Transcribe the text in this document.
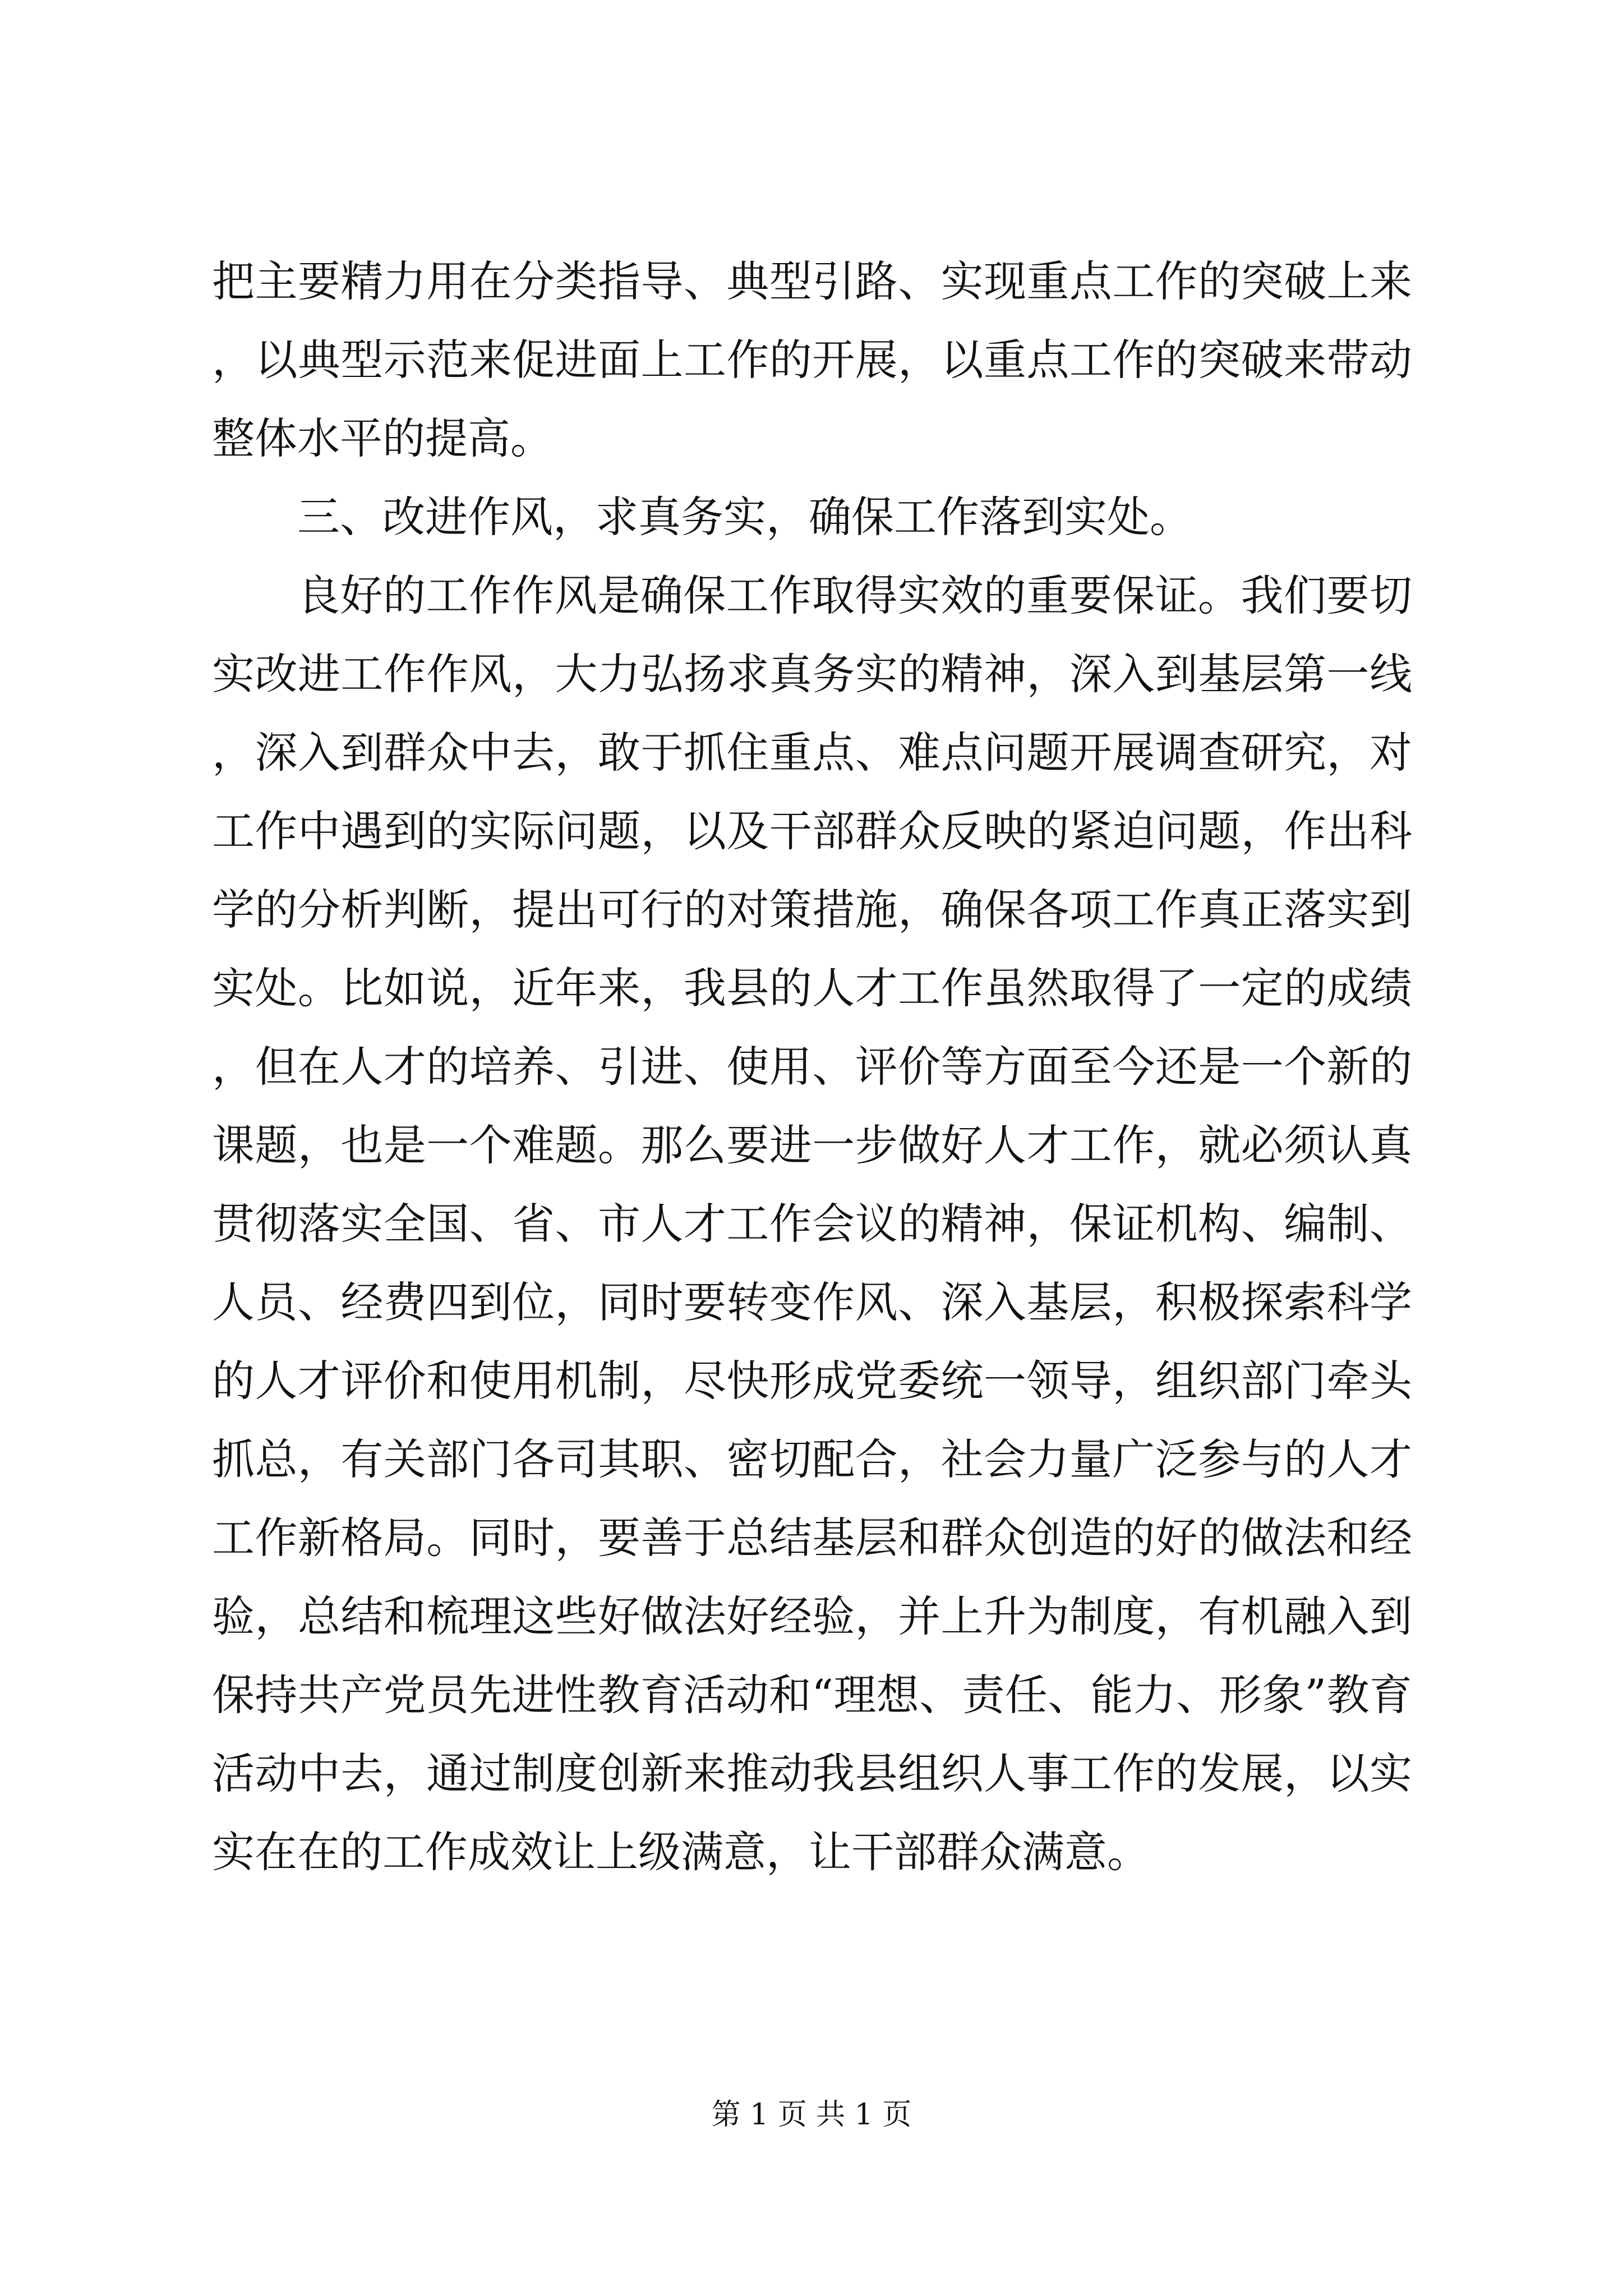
把主要精力用在分类指导、典型引路、实现重点工作的突破上来，以典型示范来促进面上工作的开展，以重点工作的突破来带动整体水平的提高。

三、改进作风，求真务实，确保工作落到实处。

良好的工作作风是确保工作取得实效的重要保证。我们要切实改进工作作风，大力弘扬求真务实的精神，深入到基层第一线，深入到群众中去，敢于抓住重点、难点问题开展调查研究，对工作中遇到的实际问题，以及干部群众反映的紧迫问题，作出科学的分析判断，提出可行的对策措施，确保各项工作真正落实到实处。比如说，近年来，我县的人才工作虽然取得了一定的成绩，但在人才的培养、引进、使用、评价等方面至今还是一个新的课题，也是一个难题。那么要进一步做好人才工作，就必须认真贯彻落实全国、省、市人才工作会议的精神，保证机构、编制、人员、经费四到位，同时要转变作风、深入基层，积极探索科学的人才评价和使用机制，尽快形成党委统一领导，组织部门牵头抓总，有关部门各司其职、密切配合，社会力量广泛参与的人才工作新格局。同时，要善于总结基层和群众创造的好的做法和经验，总结和梳理这些好做法好经验，并上升为制度，有机融入到保持共产党员先进性教育活动和“理想、责任、能力、形象”教育活动中去，通过制度创新来推动我县组织人事工作的发展，以实实在在的工作成效让上级满意，让干部群众满意。

第 1 页 共 1 页
